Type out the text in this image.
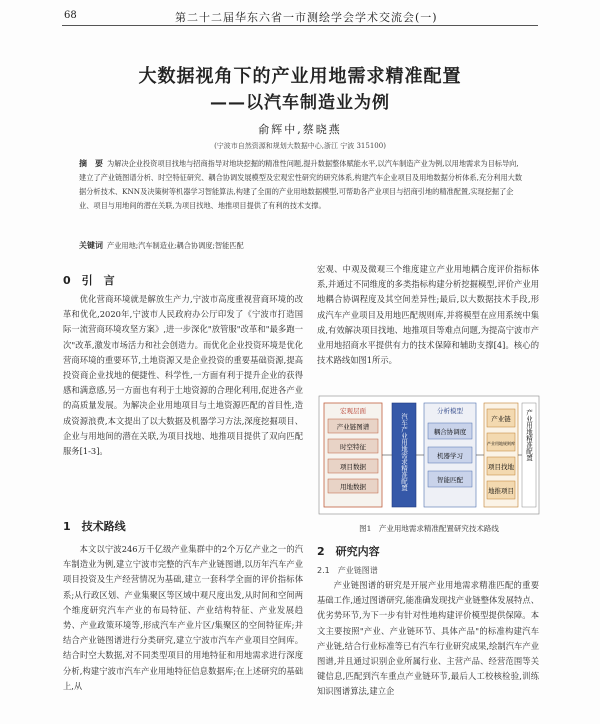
68	第二十二届华东六省一市测绘学会学术交流会(一)
大数据视角下的产业用地需求精准配置
——以汽车制造业为例
俞辉中,蔡晓燕
(宁波市自然资源和规划大数据中心,浙江 宁波 315100)
摘　要 为解决企业投资项目找地与招商指导对地块挖掘的精准性问题,提升数据整体赋能水平,以汽车制造产业为例,以用地需求为目标导向,建立了产业链图谱分析、时空特征研究、耦合协调发展模型及宏观宏性研究的研究体系,构建汽车企业项目及用地数据分析体系,充分利用大数据分析技术、KNN及决策树等机器学习智能算法,构建了全面的产业用地数据模型,可帮助各产业项目与招商引地的精准配置,实现挖掘了企业、项目与用地间的潜在关联,为项目找地、地推项目提供了有利的技术支撑。
关键词 产业用地;汽车制造业;耦合协调度;智能匹配

0　引　言

优化营商环境就是解放生产力,宁波市高度重视营商环境的改革和优化,2020年,宁波市人民政府办公厅印发了《宁波市打造国际一流营商环境攻坚方案》,进一步深化"放管服"改革和"最多跑一次"改革,激发市场活力和社会创造力。而优化企业投资环境是优化营商环境的重要环节,土地资源又是企业投资的重要基础资源,提高投资商企业找地的便捷性、科学性,一方面有利于提升企业的获得感和满意感,另一方面也有利于土地资源的合理化利用,促进各产业的高质量发展。为解决企业用地项目与土地资源匹配的首目性,造成资源浪费,本文提出了以大数据及机器学习方法,深度挖掘项目、企业与用地间的潜在关联,为项目找地、地推项目提供了双向匹配服务[1-3]。

1　技术路线

本文以宁波246万千亿级产业集群中的2个万亿产业之一的汽车制造业为例,建立宁波市完整的汽车产业链图谱,以历年汽车产业项目投资及生产经营情况为基础,建立一套科学全面的评价指标体系;从行政区划、产业集聚区等区域中观尺度出发,从时间和空间两个维度研究汽车产业的布局特征、产业结构特征、产业发展趋势、产业政策环境等,形成汽车产业片区/集聚区的空间特征库;并结合产业链图谱进行分类研究,建立宁波市汽车产业项目空间库。结合时空大数据,对不同类型项目的用地特征和用地需求进行深度分析,构建宁波市汽车产业用地特征信息数据库;在上述研究的基础上,从

宏观、中观及微观三个维度建立产业用地耦合度评价指标体系,并通过不同维度的多类指标构建分析挖掘模型,评价产业用地耦合协调程度及其空间差异性;最后,以大数据技术手段,形成汽车产业项目及用地匹配规则库,并将模型在应用系统中集成,有效解决项目找地、地推项目等难点问题,为提高宁波市产业用地招商水平提供有力的技术保障和辅助支撑[4]。核心的技术路线如图1所示。

宏观层面
产业链图谱
时空特征
项目数据
用地数据	汽车产业用地需求精准配置
分析模型
耦合协调度
机器学习
智能匹配
产业链
产业用地规则库
项目找地
地推项目
产业用地精准配置
图1　产业用地需求精准配置研究技术路线

2　研究内容

2.1　产业链图谱

产业链图谱的研究是开展产业用地需求精准匹配的重要基础工作,通过图谱研究,能准确发现找产业链整体发展特点、优劣势环节,为下一步有针对性地构建评价模型提供保障。本文主要按照"产业、产业链环节、具体产品"的标准构建汽车产业链,结合行业标准等已有汽车行业研究成果,绘制汽车产业图谱,并且通过识别企业所属行业、主营产品、经营范围等关键信息,匹配到汽车重点产业链环节,最后人工校核检验,训练知识图谱算法,建立企
